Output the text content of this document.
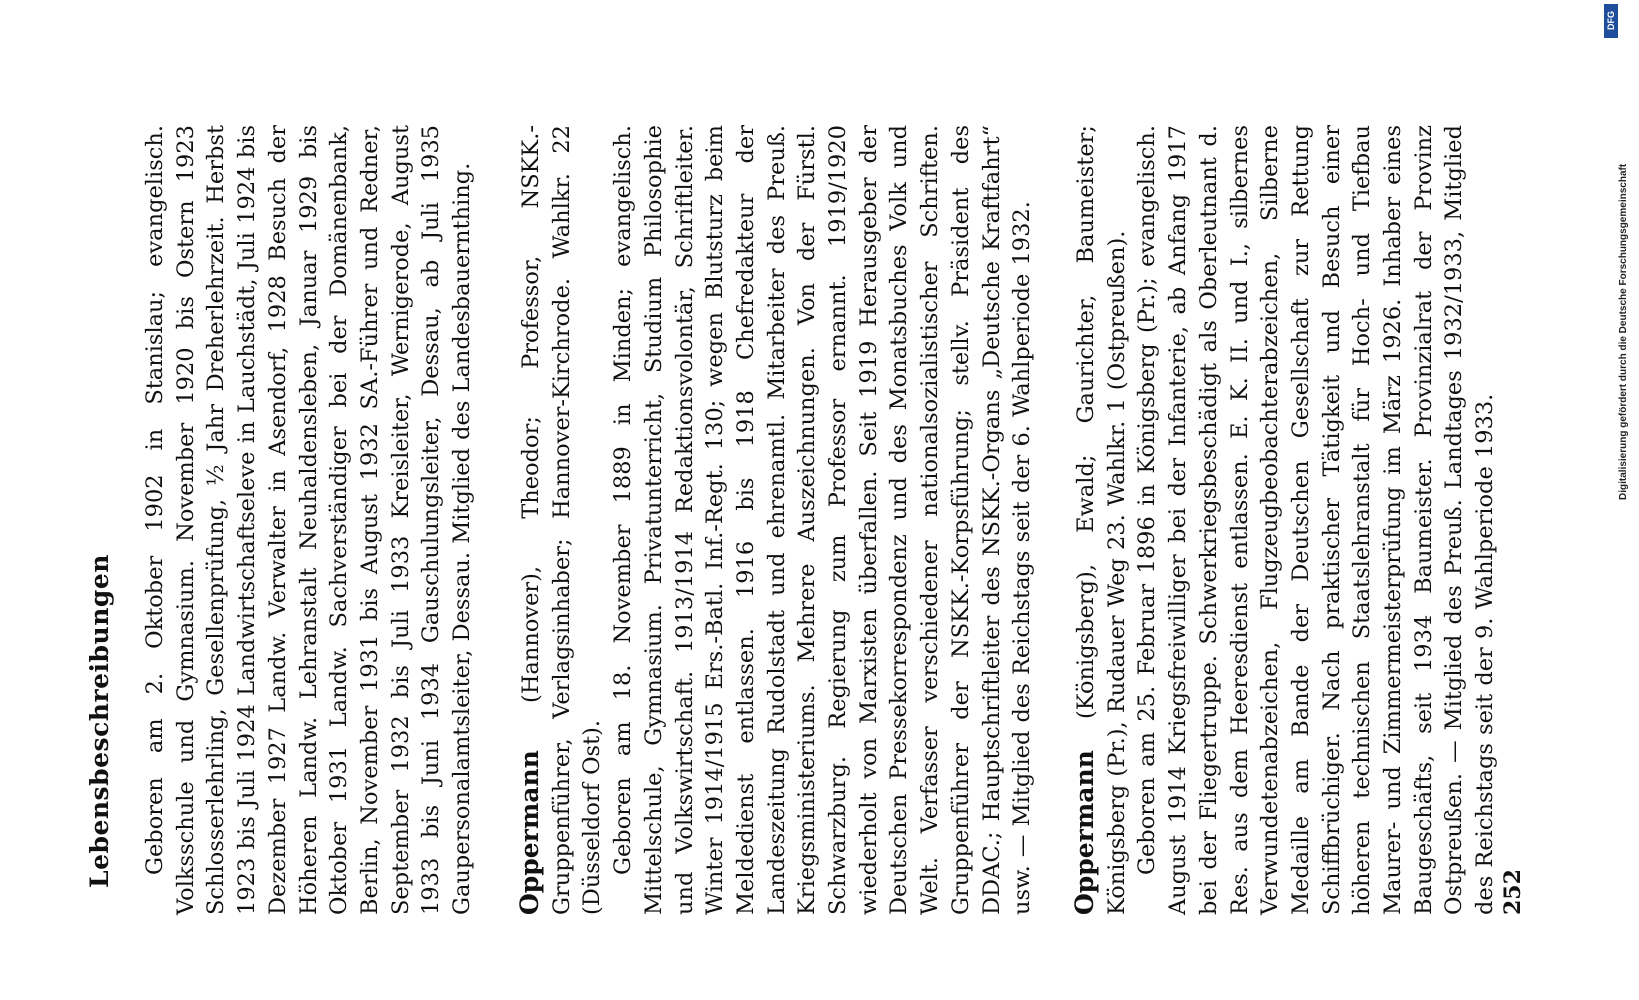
Lebensbeschreibungen Geboren am 2. Oktober 1902 in Stanislau; evangelisch. Volksschule und Gymnasium. November 1920 bis Ostern 1923 Schlosserlehrling, Gesellenprüfung, ½ Jahr Dreherlehrzeit. Herbst 1923 bis Juli 1924 Landwirtschaftselevе in Lauchstädt, Juli 1924 bis Dezember 1927 Landw. Verwalter in Asendorf, 1928 Besuch der Höheren Landw. Lehranstalt Neuhaldensleben, Januar 1929 bis Oktober 1931 Landw. Sachverständiger bei der Domänenbank, Berlin, November 1931 bis August 1932 SA.-Führer und Redner, September 1932 bis Juli 1933 Kreisleiter, Wernigerode, August 1933 bis Juni 1934 Gauschulungsleiter, Dessau, ab Juli 1935 Gaupersonalamtsleiter, Dessau. Mitglied des Landesbauernthing. Oppermann (Hannover), Theodor; Professor, NSKK.-Gruppenführer, Verlagsinhaber; Hannover-Kirchrode. Wahlkr. 22 (Düsseldorf Ost). Geboren am 18. November 1889 in Minden; evangelisch. Mittelschule, Gymnasium. Privatunterricht, Studium Philosophie und Volkswirtschaft. 1913/1914 Redaktionsvolontär, Schriftleiter. Winter 1914/1915 Ers.-Batl. Inf.-Regt. 130; wegen Blutsturz beim Meldedienst entlassen. 1916 bis 1918 Chefredakteur der Landeszeitung Rudolstadt und ehrenamtl. Mitarbeiter des Preuß. Kriegsministeriums. Mehrere Auszeichnungen. Von der Fürstl. Schwarzburg. Regierung zum Professor ernannt. 1919/1920 wiederholt von Marxisten überfallen. Seit 1919 Herausgeber der Deutschen Pressekorrespondenz und des Monatsbuches Volk und Welt. Verfasser verschiedener nationalsozialistischer Schriften. Gruppenführer der NSKK.-Korpsführung; stellv. Präsident des DDAC.; Hauptschriftleiter des NSKK.-Organs „Deutsche Kraftfahrt“ usw. — Mitglied des Reichstags seit der 6. Wahlperiode 1932. Oppermann (Königsberg), Ewald; Gaurichter, Baumeister; Königsberg (Pr.), Rudauer Weg 23. Wahlkr. 1 (Ostpreußen). Geboren am 25. Februar 1896 in Königsberg (Pr.); evangelisch. August 1914 Kriegsfreiwilliger bei der Infanterie, ab Anfang 1917 bei der Fliegertruppe. Schwerkriegsbeschädigt als Oberleutnant d. Res. aus dem Heeresdienst entlassen. E. K. II. und I., silbernes Verwundetenabzeichen, Flugzeugbeobachterabzeichen, Silberne Medaille am Bande der Deutschen Gesellschaft zur Rettung Schiffbrüchiger. Nach praktischer Tätigkeit und Besuch einer höheren technischen Staatslehranstalt für Hoch- und Tiefbau Maurer- und Zimmermeisterprüfung im März 1926. Inhaber eines Baugeschäfts, seit 1934 Baumeister. Provinzialrat der Provinz Ostpreußen. — Mitglied des Preuß. Landtages 1932/1933, Mitglied des Reichstags seit der 9. Wahlperiode 1933. 252
DFG
Digitalisierung gefördert durch die Deutsche Forschungsgemeinschaft
